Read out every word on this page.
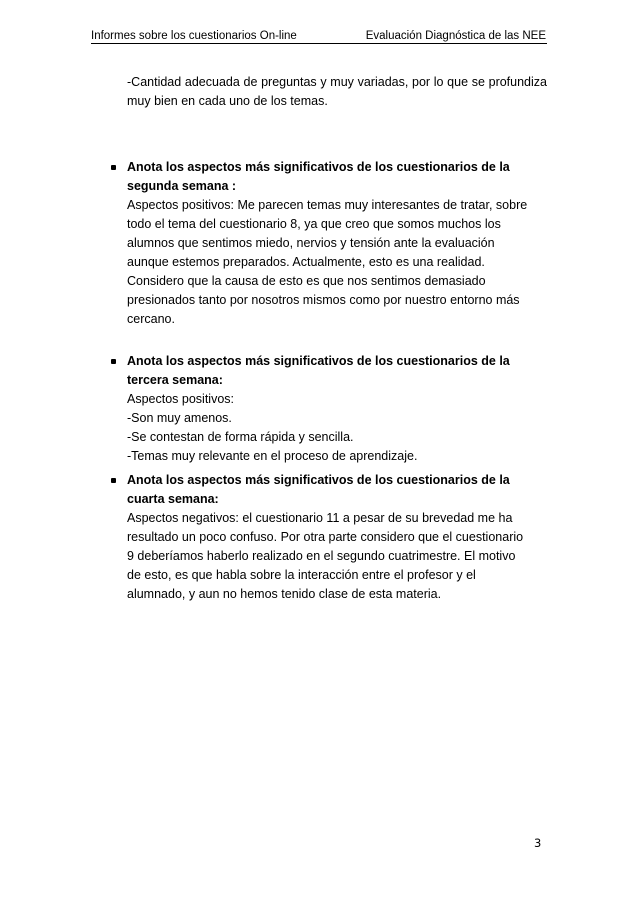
Informes sobre los cuestionarios On-line	Evaluación Diagnóstica de las NEE

-Cantidad adecuada de preguntas y muy variadas, por lo que se profundiza muy bien en cada uno de los temas.

Anota los aspectos más significativos de los cuestionarios de la segunda semana :

Aspectos positivos: Me parecen temas muy interesantes de tratar, sobre

todo el tema del cuestionario 8, ya que creo que somos muchos los

alumnos que sentimos miedo, nervios y tensión ante la evaluación

aunque estemos preparados. Actualmente, esto es una realidad.

Considero que la causa de esto es que nos sentimos demasiado

presionados tanto por nosotros mismos como por nuestro entorno más

cercano.

Anota los aspectos más significativos de los cuestionarios de la tercera semana:

Aspectos positivos:

-Son muy amenos.

-Se contestan de forma rápida y sencilla.

-Temas muy relevante en el proceso de aprendizaje.

Anota los aspectos más significativos de los cuestionarios de la cuarta semana:

Aspectos negativos: el cuestionario 11 a pesar de su brevedad me ha

resultado un poco confuso. Por otra parte considero que el cuestionario

9 deberíamos haberlo realizado en el segundo cuatrimestre. El motivo

de esto, es que habla sobre la interacción entre el profesor y el

alumnado, y aun no hemos tenido clase de esta materia.

3
